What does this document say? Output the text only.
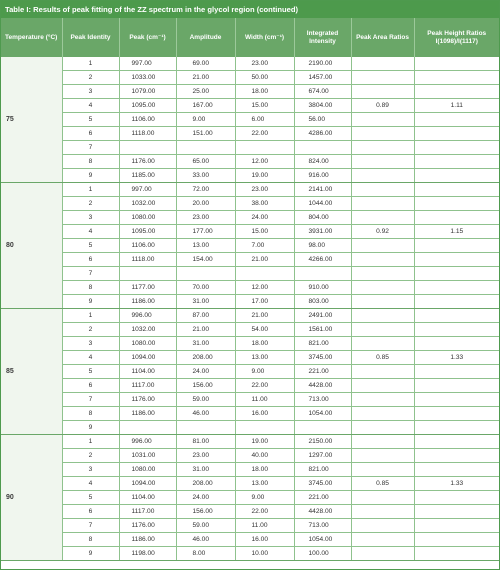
Table I: Results of peak fitting of the ZZ spectrum in the glycol region (continued)
Temperature (°C)	Peak Identity	Peak (cm⁻¹)	Amplitude	Width (cm⁻¹)	Integrated Intensity	Peak Area Ratios	Peak Height Ratios I(1098)/I(1117)
75	1	997.00	69.00	23.00	2190.00		
	2	1033.00	21.00	50.00	1457.00		
	3	1079.00	25.00	18.00	674.00		
	4	1095.00	167.00	15.00	3804.00	0.89	1.11
	5	1106.00	9.00	6.00	56.00		
	6	1118.00	151.00	22.00	4286.00		
	7						
	8	1176.00	65.00	12.00	824.00		
	9	1185.00	33.00	19.00	916.00		
80	1	997.00	72.00	23.00	2141.00		
	2	1032.00	20.00	38.00	1044.00		
	3	1080.00	23.00	24.00	804.00		
	4	1095.00	177.00	15.00	3931.00	0.92	1.15
	5	1106.00	13.00	7.00	98.00		
	6	1118.00	154.00	21.00	4266.00		
	7						
	8	1177.00	70.00	12.00	910.00		
	9	1186.00	31.00	17.00	803.00		
85	1	996.00	87.00	21.00	2491.00		
	2	1032.00	21.00	54.00	1561.00		
	3	1080.00	31.00	18.00	821.00		
	4	1094.00	208.00	13.00	3745.00	0.85	1.33
	5	1104.00	24.00	9.00	221.00		
	6	1117.00	156.00	22.00	4428.00		
	7	1176.00	59.00	11.00	713.00		
	8	1186.00	46.00	16.00	1054.00		
	9						
90	1	996.00	81.00	19.00	2150.00		
	2	1031.00	23.00	40.00	1297.00		
	3	1080.00	31.00	18.00	821.00		
	4	1094.00	208.00	13.00	3745.00	0.85	1.33
	5	1104.00	24.00	9.00	221.00		
	6	1117.00	156.00	22.00	4428.00		
	7	1176.00	59.00	11.00	713.00		
	8	1186.00	46.00	16.00	1054.00		
	9	1198.00	8.00	10.00	100.00		
